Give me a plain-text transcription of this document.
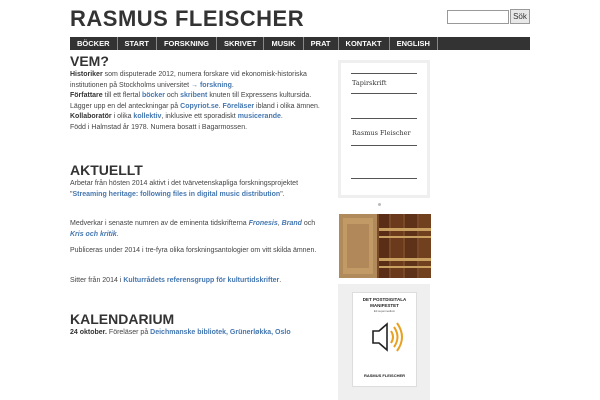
RASMUS FLEISCHER	Sök
BÖCKER	START	FORSKNING	SKRIVET	MUSIK	PRAT	KONTAKT	ENGLISH
VEM?
Historiker som disputerade 2012, numera forskare vid ekonomisk-historiska institutionen på Stockholms universitet → forskning.
Författare till ett flertal böcker och skribent knuten till Expressens kultursida. Lägger upp en del anteckningar på Copyriot.se. Föreläser ibland i olika ämnen.
Kollaboratör i olika kollektiv, inklusive ett sporadiskt musicerande.
Född i Halmstad år 1978. Numera bosatt i Bagarmossen.
AKTUELLT
Arbetar från hösten 2014 aktivt i det tvärvetenskapliga forskningsprojektet "Streaming heritage: following files in digital music distribution".
Medverkar i senaste numren av de eminenta tidskrifterna Fronesis, Brand och Kris och kritik.
Publiceras under 2014 i tre-fyra olika forskningsantologier om vitt skilda ämnen.
Sitter från 2014 i Kulturrådets referensgrupp för kulturtidskrifter.
KALENDARIUM
24 oktober. Föreläser på Deichmanske bibliotek, Grünerløkka, Oslo
Tapirskrift
Rasmus Fleischer
DET POSTDIGITALA
MANIFESTET
Ett supermedium
RASMUS FLEISCHER
